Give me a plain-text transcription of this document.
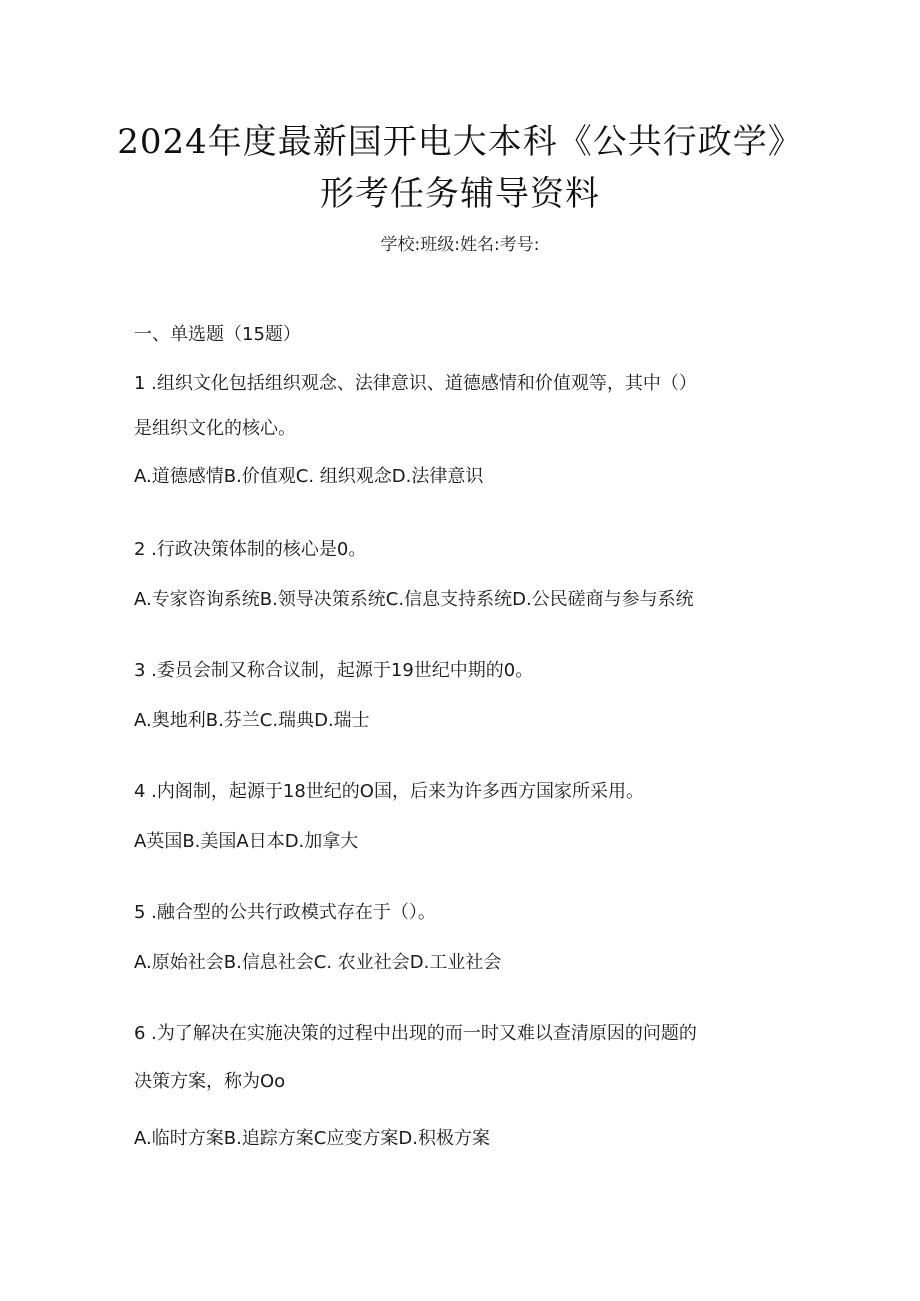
2024年度最新国开电大本科《公共行政学》
形考任务辅导资料
学校:班级:姓名:考号:
一、单选题（15题）
1 .组织文化包括组织观念、法律意识、道德感情和价值观等，其中（）
是组织文化的核心。
A.道德感情B.价值观C. 组织观念D.法律意识
2 .行政决策体制的核心是0。
A.专家咨询系统B.领导决策系统C.信息支持系统D.公民磋商与参与系统
3 .委员会制又称合议制，起源于19世纪中期的0。
A.奥地利B.芬兰C.瑞典D.瑞士
4 .内阁制，起源于18世纪的O国，后来为许多西方国家所采用。
A英国B.美国A日本D.加拿大
5 .融合型的公共行政模式存在于（）。
A.原始社会B.信息社会C. 农业社会D.工业社会
6 .为了解决在实施决策的过程中出现的而一时又难以查清原因的问题的
决策方案，称为Oo
A.临时方案B.追踪方案C应变方案D.积极方案
